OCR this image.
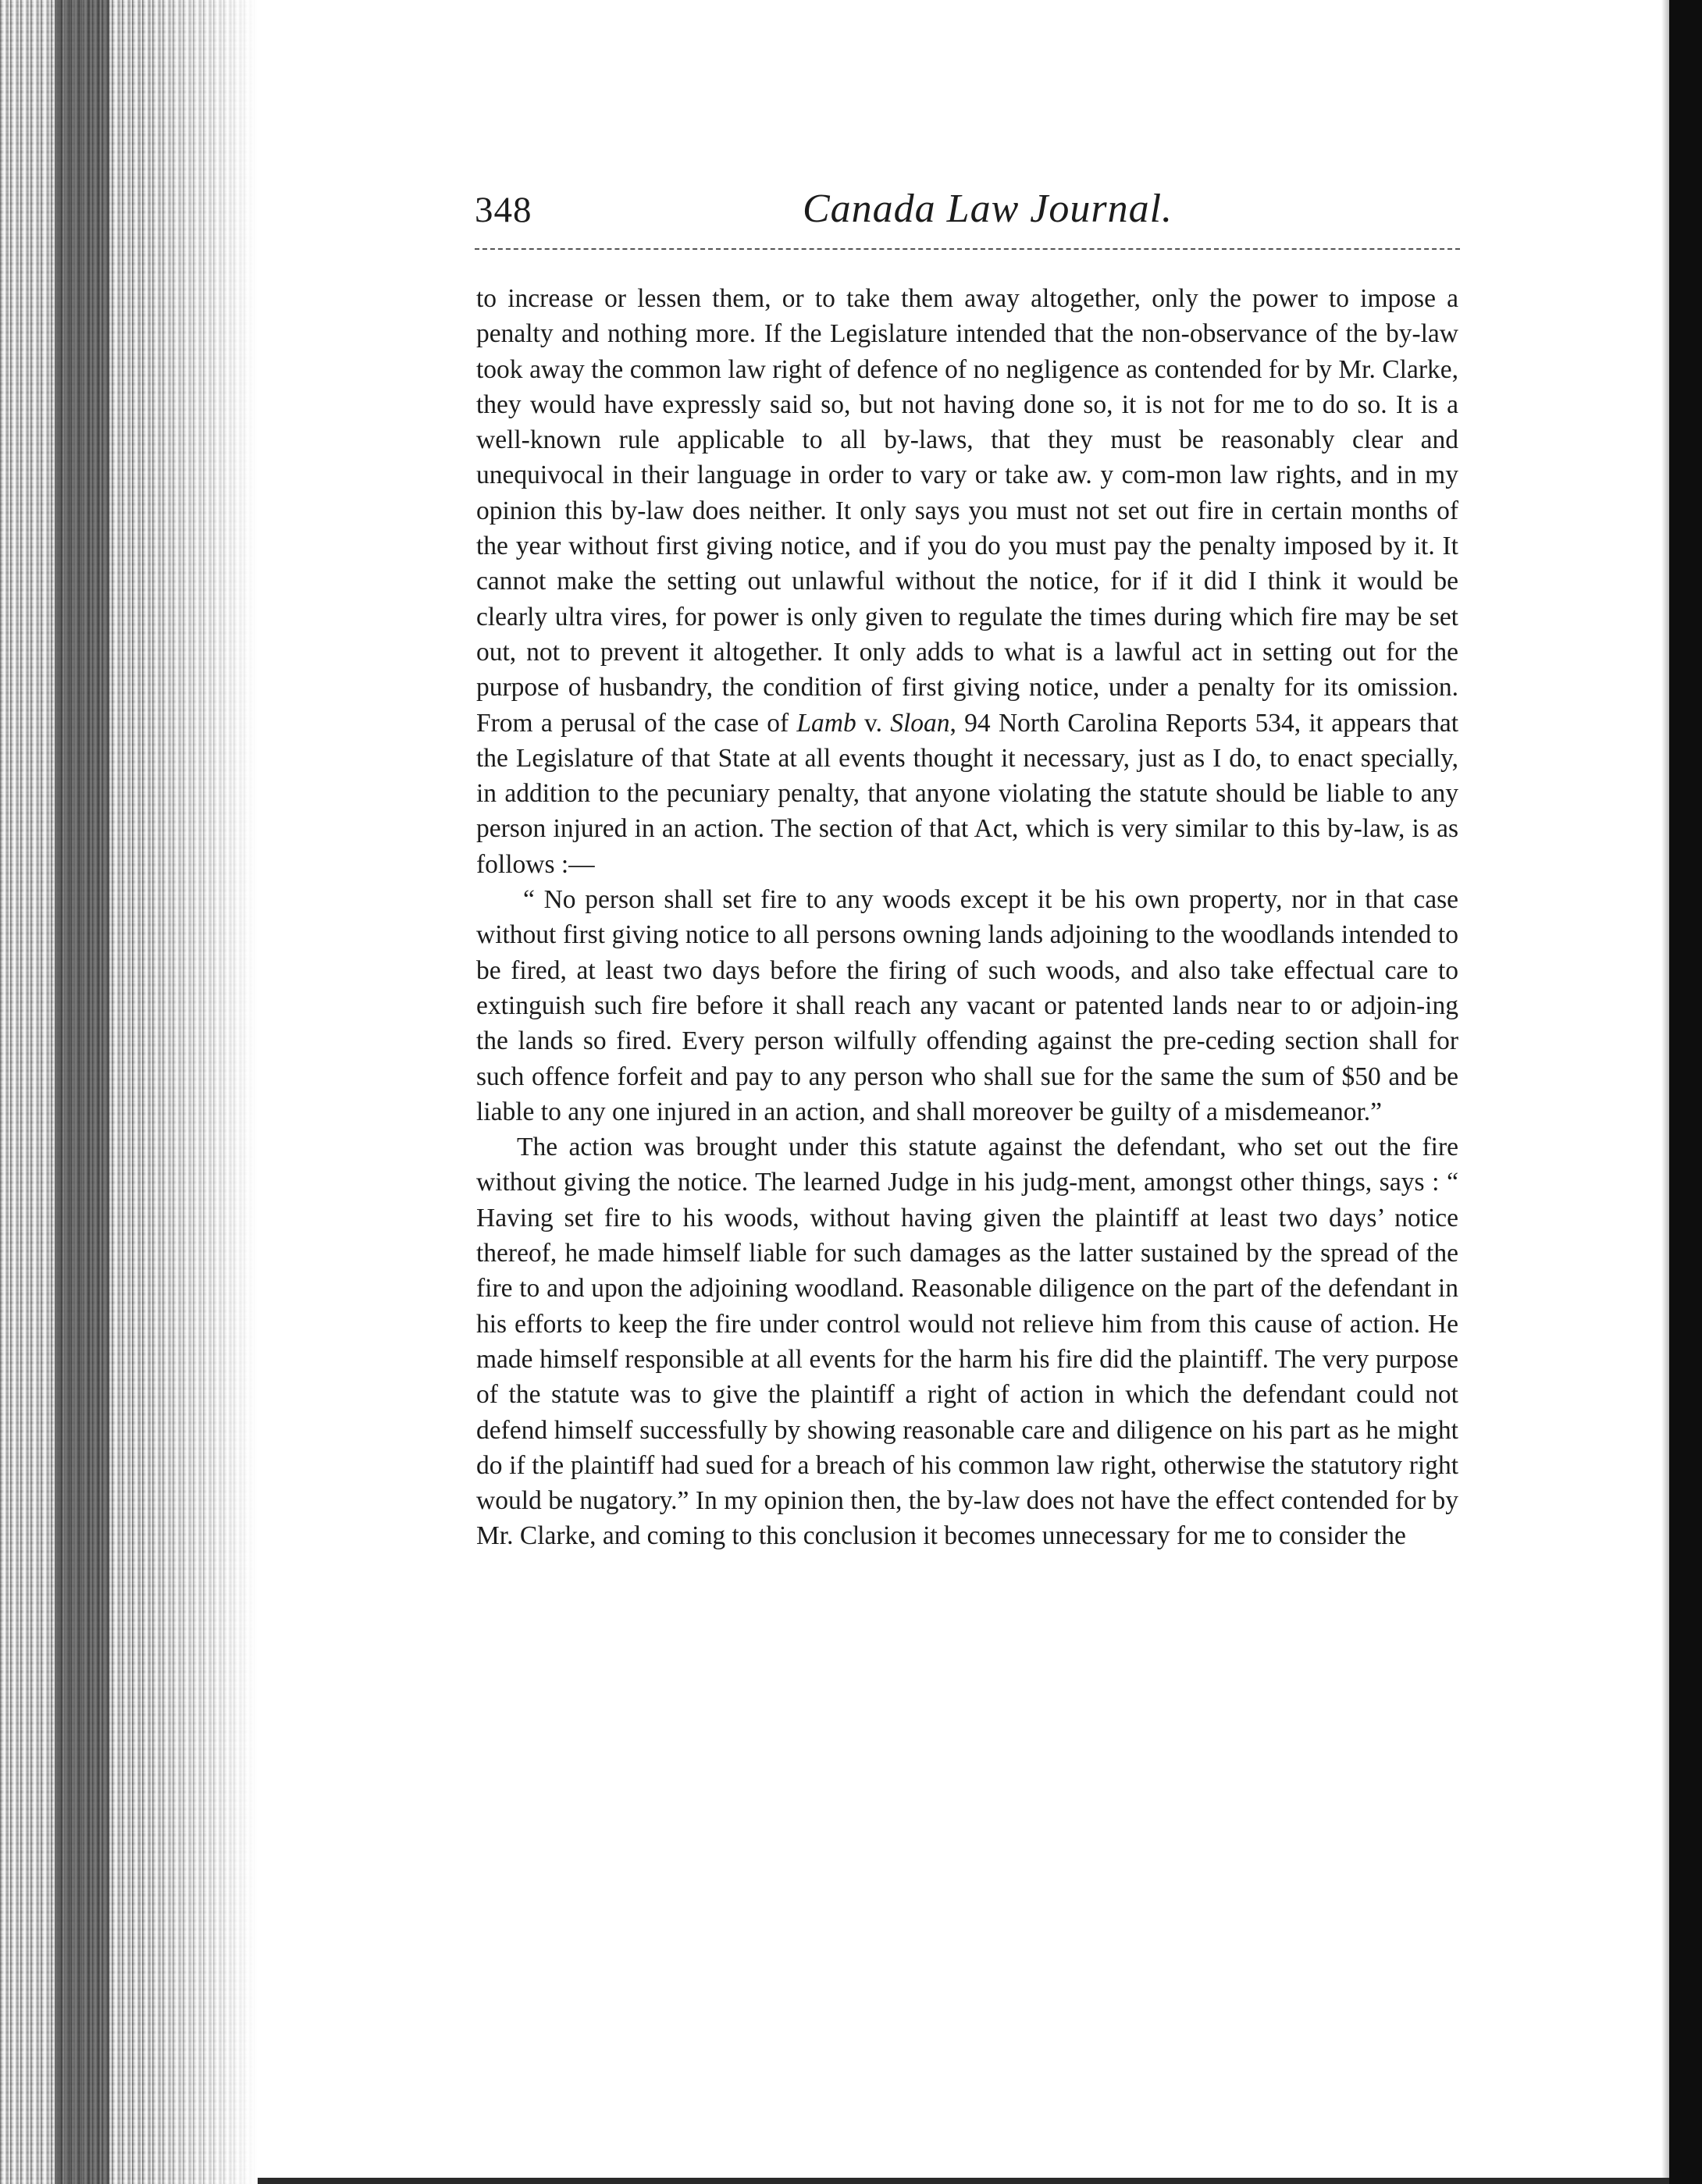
348	Canada Law Journal.

to increase or lessen them, or to take them away altogether, only the power to impose a penalty and nothing more. If the Legislature intended that the non-observance of the by-law took away the common law right of defence of no negligence as contended for by Mr. Clarke, they would have expressly said so, but not having done so, it is not for me to do so. It is a well-known rule applicable to all by-laws, that they must be reasonably clear and unequivocal in their language in order to vary or take aw. y com-mon law rights, and in my opinion this by-law does neither. It only says you must not set out fire in certain months of the year without first giving notice, and if you do you must pay the penalty imposed by it. It cannot make the setting out unlawful without the notice, for if it did I think it would be clearly ultra vires, for power is only given to regulate the times during which fire may be set out, not to prevent it altogether. It only adds to what is a lawful act in setting out for the purpose of husbandry, the condition of first giving notice, under a penalty for its omission. From a perusal of the case of Lamb v. Sloan, 94 North Carolina Reports 534, it appears that the Legislature of that State at all events thought it necessary, just as I do, to enact specially, in addition to the pecuniary penalty, that anyone violating the statute should be liable to any person injured in an action. The section of that Act, which is very similar to this by-law, is as follows :—

“ No person shall set fire to any woods except it be his own property, nor in that case without first giving notice to all persons owning lands adjoining to the woodlands intended to be fired, at least two days before the firing of such woods, and also take effectual care to extinguish such fire before it shall reach any vacant or patented lands near to or adjoin-ing the lands so fired. Every person wilfully offending against the pre-ceding section shall for such offence forfeit and pay to any person who shall sue for the same the sum of $50 and be liable to any one injured in an action, and shall moreover be guilty of a misdemeanor.”

The action was brought under this statute against the defendant, who set out the fire without giving the notice. The learned Judge in his judg-ment, amongst other things, says : “ Having set fire to his woods, without having given the plaintiff at least two days’ notice thereof, he made himself liable for such damages as the latter sustained by the spread of the fire to and upon the adjoining woodland. Reasonable diligence on the part of the defendant in his efforts to keep the fire under control would not relieve him from this cause of action. He made himself responsible at all events for the harm his fire did the plaintiff. The very purpose of the statute was to give the plaintiff a right of action in which the defendant could not defend himself successfully by showing reasonable care and diligence on his part as he might do if the plaintiff had sued for a breach of his common law right, otherwise the statutory right would be nugatory.” In my opinion then, the by-law does not have the effect contended for by Mr. Clarke, and coming to this conclusion it becomes unnecessary for me to consider the
